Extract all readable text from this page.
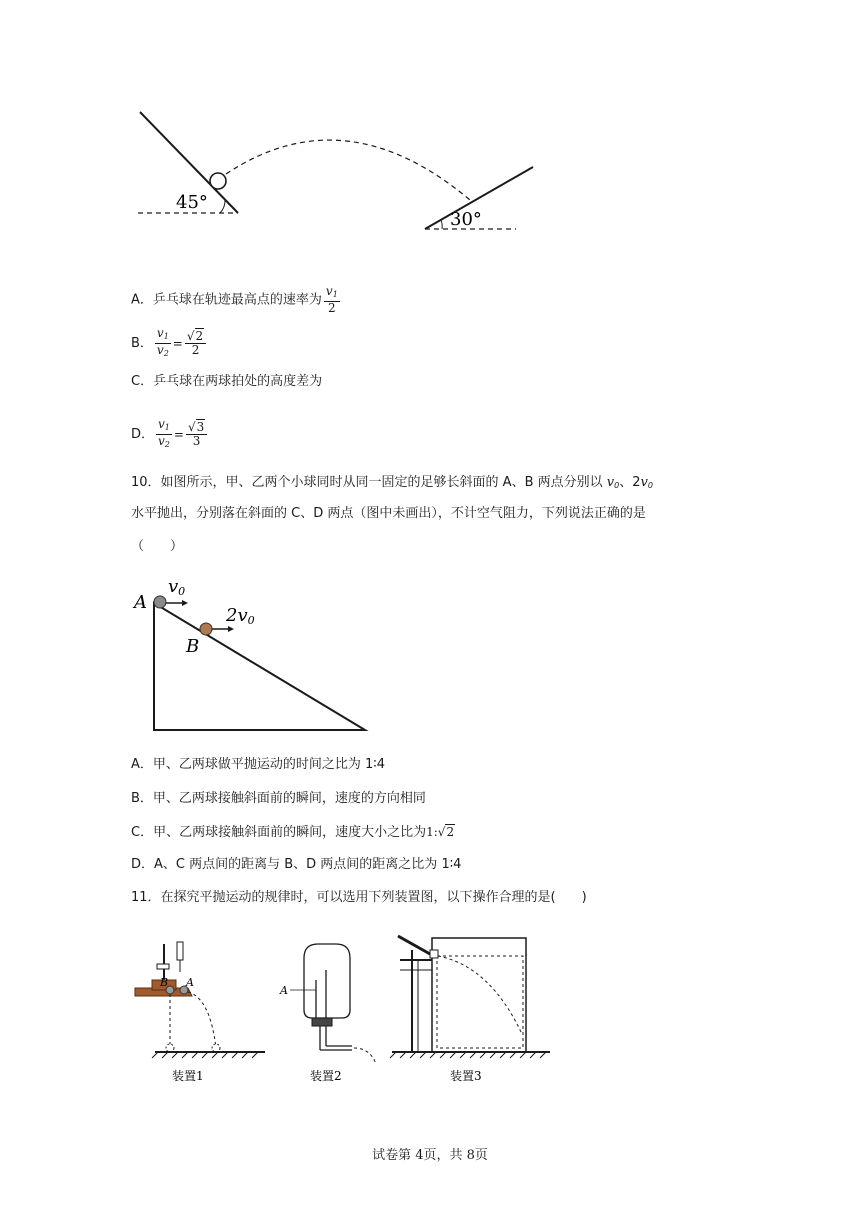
45°
30°
A．乒乓球在轨迹最高点的速率为 $\frac{v_1}{2}$
B． $\frac{v_1}{v_2} = \frac{√2}{2}$
C．乒乓球在两球拍处的高度差为
D． $\frac{v_1}{v_2} = \frac{√3}{3}$
10．如图所示，甲、乙两个小球同时从同一固定的足够长斜面的 A、B 两点分别以 $v_0$、$2v_0$
水平抛出，分别落在斜面的 C、D 两点（图中未画出），不计空气阻力，下列说法正确的是
（　　）
A
v0
B
2v0
A．甲、乙两球做平抛运动的时间之比为 1∶4
B．甲、乙两球接触斜面前的瞬间，速度的方向相同
C．甲、乙两球接触斜面前的瞬间，速度大小之比为1:√2
D．A、C 两点间的距离与 B、D 两点间的距离之比为 1∶4
11．在探究平抛运动的规律时，可以选用下列装置图，以下操作合理的是(　　)
B A
装置1
A
装置2	装置3
试卷第 4页，共 8页
